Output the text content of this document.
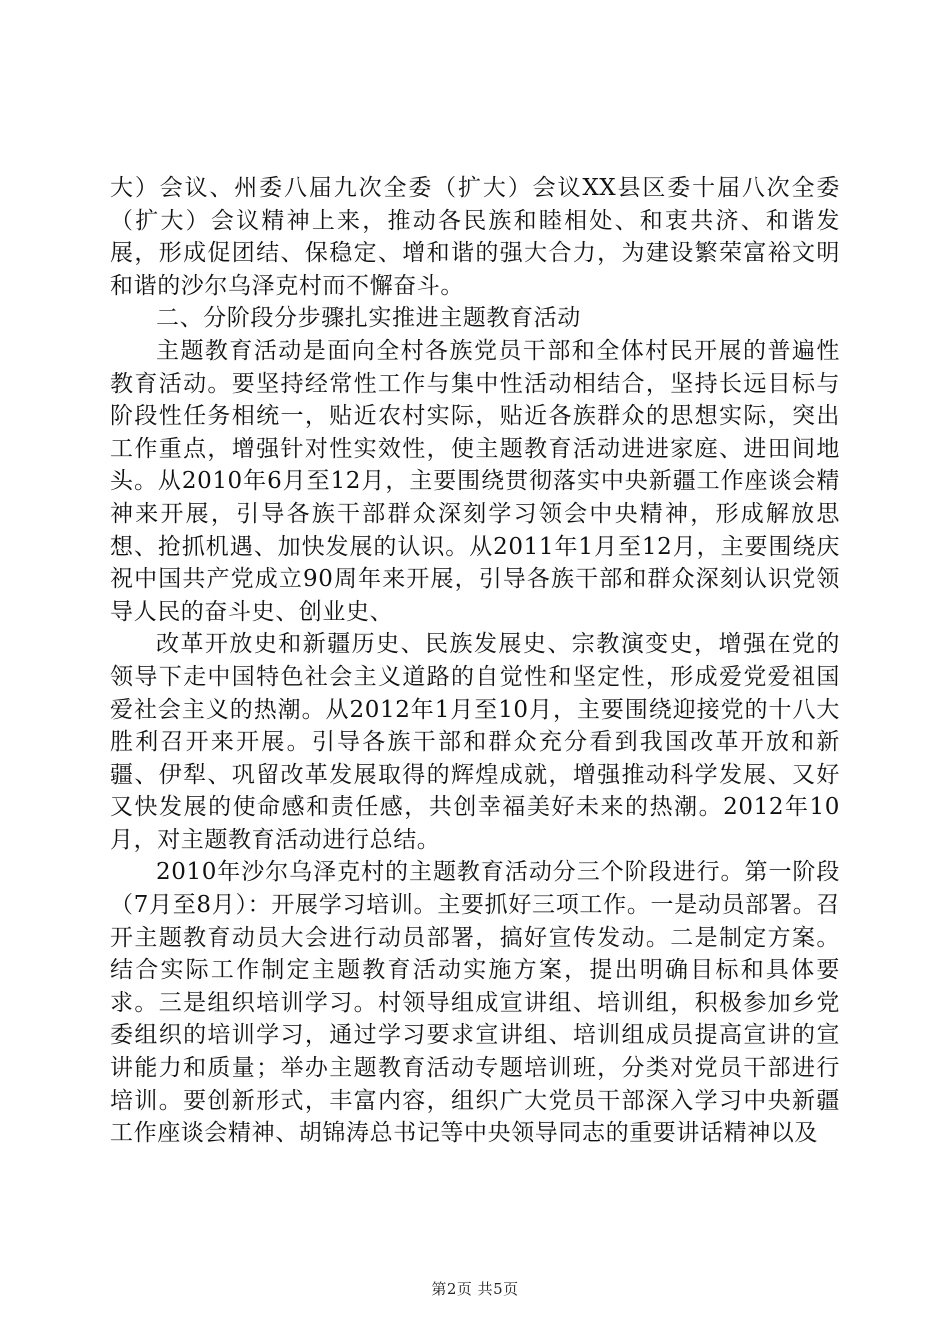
大）会议、州委八届九次全委（扩大）会议XX县区委十届八次全委（扩大）会议精神上来，推动各民族和睦相处、和衷共济、和谐发展，形成促团结、保稳定、增和谐的强大合力，为建设繁荣富裕文明和谐的沙尔乌泽克村而不懈奋斗。

二、分阶段分步骤扎实推进主题教育活动

主题教育活动是面向全村各族党员干部和全体村民开展的普遍性教育活动。要坚持经常性工作与集中性活动相结合，坚持长远目标与阶段性任务相统一，贴近农村实际，贴近各族群众的思想实际，突出工作重点，增强针对性实效性，使主题教育活动进进家庭、进田间地头。从2010年6月至12月，主要围绕贯彻落实中央新疆工作座谈会精神来开展，引导各族干部群众深刻学习领会中央精神，形成解放思想、抢抓机遇、加快发展的认识。从2011年1月至12月，主要围绕庆祝中国共产党成立90周年来开展，引导各族干部和群众深刻认识党领导人民的奋斗史、创业史、

改革开放史和新疆历史、民族发展史、宗教演变史，增强在党的领导下走中国特色社会主义道路的自觉性和坚定性，形成爱党爱祖国爱社会主义的热潮。从2012年1月至10月，主要围绕迎接党的十八大胜利召开来开展。引导各族干部和群众充分看到我国改革开放和新疆、伊犁、巩留改革发展取得的辉煌成就，增强推动科学发展、又好又快发展的使命感和责任感，共创幸福美好未来的热潮。2012年10月，对主题教育活动进行总结。

2010年沙尔乌泽克村的主题教育活动分三个阶段进行。第一阶段（7月至8月）：开展学习培训。主要抓好三项工作。一是动员部署。召开主题教育动员大会进行动员部署，搞好宣传发动。二是制定方案。结合实际工作制定主题教育活动实施方案，提出明确目标和具体要求。三是组织培训学习。村领导组成宣讲组、培训组，积极参加乡党委组织的培训学习，通过学习要求宣讲组、培训组成员提高宣讲的宣讲能力和质量；举办主题教育活动专题培训班，分类对党员干部进行培训。要创新形式，丰富内容，组织广大党员干部深入学习中央新疆工作座谈会精神、胡锦涛总书记等中央领导同志的重要讲话精神以及

第2页 共5页
